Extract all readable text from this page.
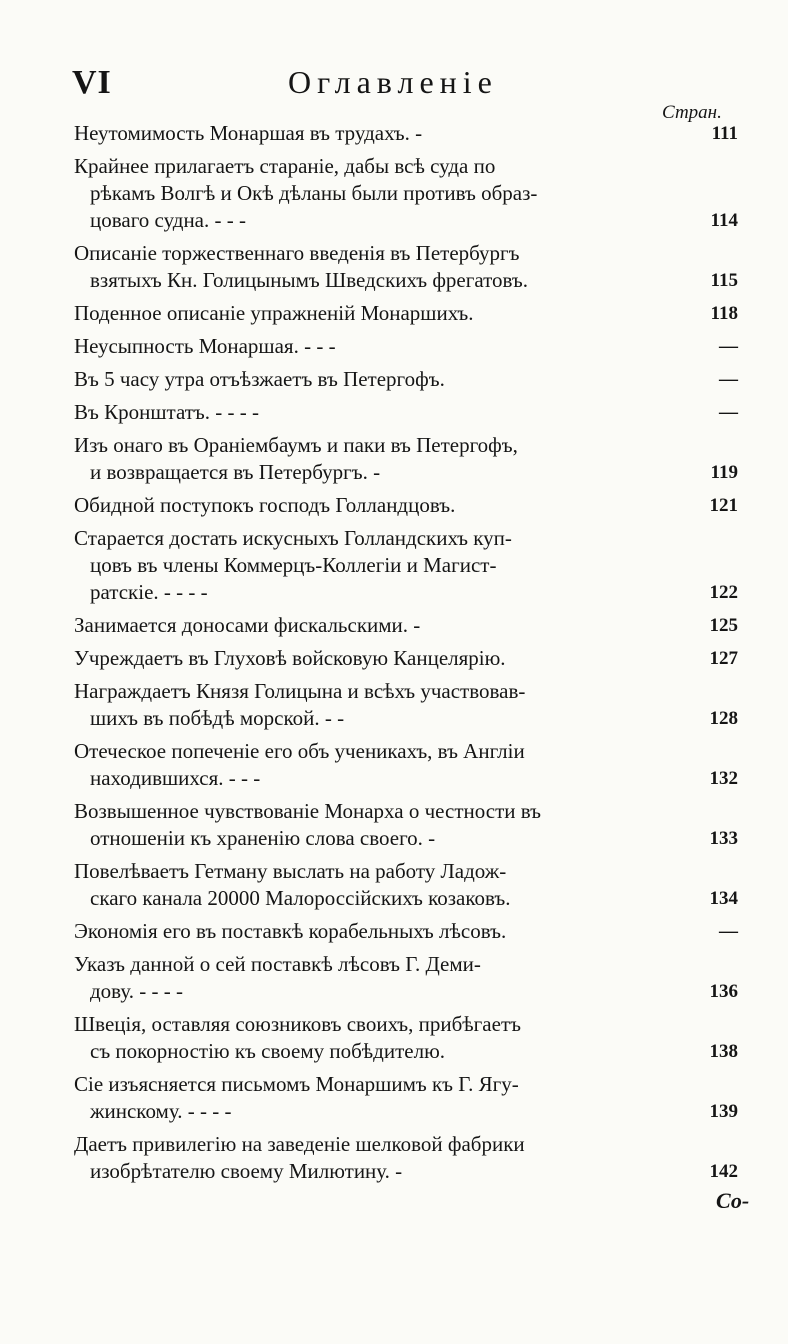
VI	Оглавленіе
Стран.
Неутомимость Монаршая въ трудахъ. -	111
Крайнее прилагаетъ стараніе, дабы всѣ суда по
рѣкамъ Волгѣ и Окѣ дѣланы были противъ образ-
цоваго судна. - - -	114
Описаніе торжественнаго введенія въ Петербургъ
взятыхъ Кн. Голицынымъ Шведскихъ фрегатовъ.	115
Поденное описаніе упражненій Монаршихъ.	118
Неусыпность Монаршая. - - -	—
Въ 5 часу утра отъѣзжаетъ въ Петергофъ.	—
Въ Кронштатъ. - - - -	—
Изъ онаго въ Ораніембаумъ и паки въ Петергофъ,
и возвращается въ Петербургъ. -	119
Обидной поступокъ господъ Голландцовъ.	121
Старается достать искусныхъ Голландскихъ куп-
цовъ въ члены Коммерцъ-Коллегіи и Магист-
ратскіе. - - - -	122
Занимается доносами фискальскими. -	125
Учреждаетъ въ Глуховѣ войсковую Канцелярію.	127
Награждаетъ Князя Голицына и всѣхъ участвовав-
шихъ въ побѣдѣ морской. - -	128
Отеческое попеченіе его объ ученикахъ, въ Англіи
находившихся. - - -	132
Возвышенное чувствованіе Монарха о честности въ
отношеніи къ храненію слова своего. -	133
Повелѣваетъ Гетману выслать на работу Ладож-
скаго канала 20000 Малороссійскихъ козаковъ.	134
Экономія его въ поставкѣ корабельныхъ лѣсовъ.	—
Указъ данной о сей поставкѣ лѣсовъ Г. Деми-
дову. - - - -	136
Швеція, оставляя союзниковъ своихъ, прибѣгаетъ
съ покорностію къ своему побѣдителю.	138
Сіе изъясняется письмомъ Монаршимъ къ Г. Ягу-
жинскому. - - - -	139
Даетъ привилегію на заведеніе шелковой фабрики
изобрѣтателю своему Милютину. -	142
Со-
